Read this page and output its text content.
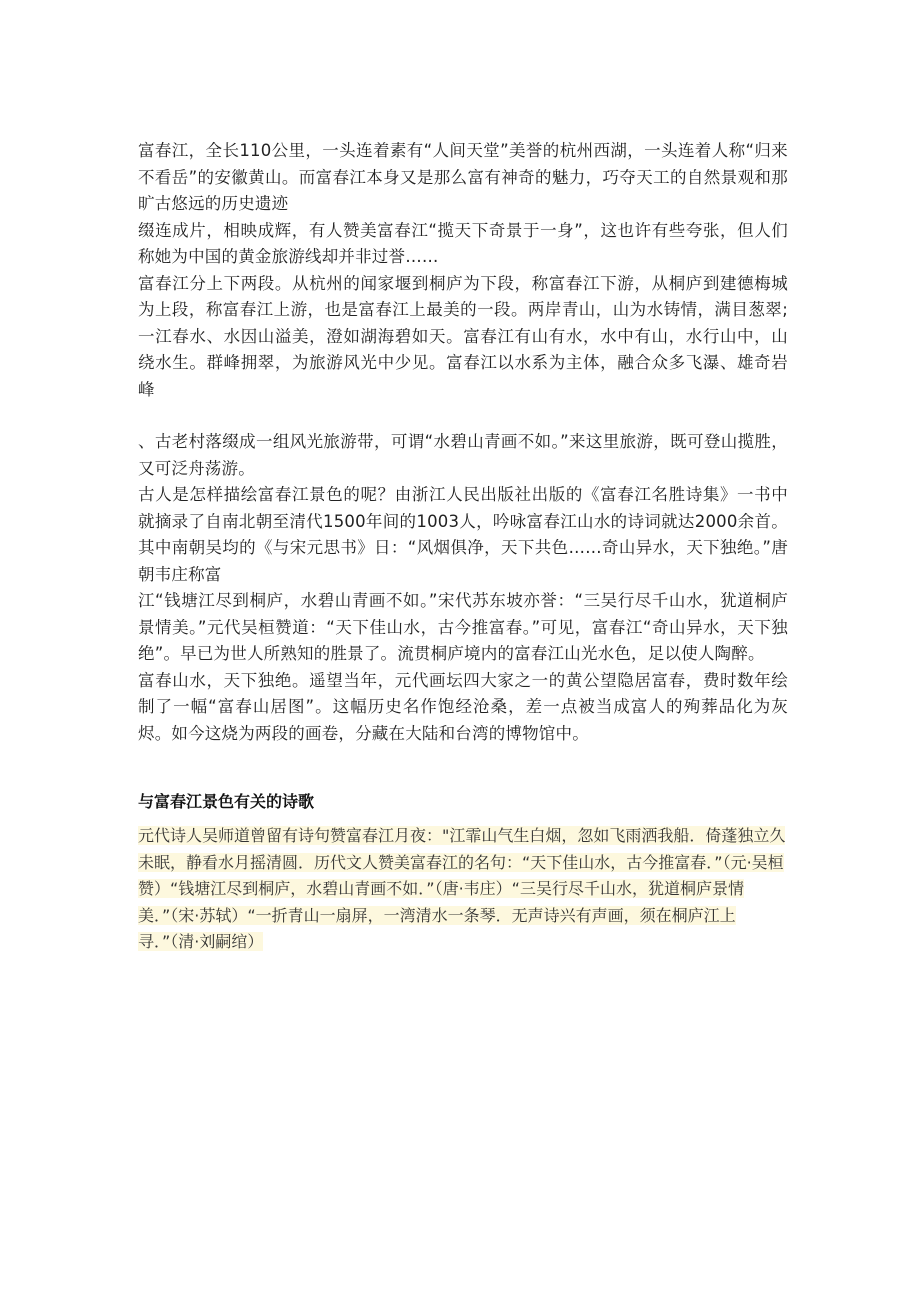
富春江，全长110公里，一头连着素有“人间天堂”美誉的杭州西湖，一头连着人称“归来不看岳”的安徽黄山。而富春江本身又是那么富有神奇的魅力，巧夺天工的自然景观和那旷古悠远的历史遗迹

缀连成片，相映成辉，有人赞美富春江“揽天下奇景于一身”，这也许有些夸张，但人们称她为中国的黄金旅游线却并非过誉……

富春江分上下两段。从杭州的闻家堰到桐庐为下段，称富春江下游，从桐庐到建德梅城为上段，称富春江上游，也是富春江上最美的一段。两岸青山，山为水铸情，满目葱翠; 一江春水、水因山溢美，澄如湖海碧如天。富春江有山有水，水中有山，水行山中，山绕水生。群峰拥翠，为旅游风光中少见。富春江以水系为主体，融合众多飞瀑、雄奇岩峰

、古老村落缀成一组风光旅游带，可谓“水碧山青画不如。”来这里旅游，既可登山揽胜，又可泛舟荡游。

古人是怎样描绘富春江景色的呢？由浙江人民出版社出版的《富春江名胜诗集》一书中就摘录了自南北朝至清代1500年间的1003人，吟咏富春江山水的诗词就达2000余首。其中南朝吴均的《与宋元思书》日：“风烟俱净，天下共色……奇山异水，天下独绝。”唐朝韦庄称富

江“钱塘江尽到桐庐，水碧山青画不如。”宋代苏东坡亦誉：“三吴行尽千山水，犹道桐庐景情美。”元代吴桓赞道：“天下佳山水，古今推富春。”可见，富春江“奇山异水，天下独绝”。早已为世人所熟知的胜景了。流贯桐庐境内的富春江山光水色，足以使人陶醉。

富春山水，天下独绝。遥望当年，元代画坛四大家之一的黄公望隐居富春，费时数年绘制了一幅“富春山居图”。这幅历史名作饱经沧桑，差一点被当成富人的殉葬品化为灰烬。如今这烧为两段的画卷，分藏在大陆和台湾的博物馆中。

与富春江景色有关的诗歌

元代诗人吴师道曾留有诗句赞富春江月夜："江霏山气生白烟，忽如飞雨洒我船．倚蓬独立久未眠，静看水月摇清圆．历代文人赞美富春江的名句：“天下佳山水，古今推富春．”（元·吴桓赞）“钱塘江尽到桐庐，水碧山青画不如．”（唐·韦庄）“三吴行尽千山水，犹道桐庐景情美．”（宋·苏轼）“一折青山一扇屏，一湾清水一条琴．无声诗兴有声画，须在桐庐江上寻．”（清·刘嗣绾）
